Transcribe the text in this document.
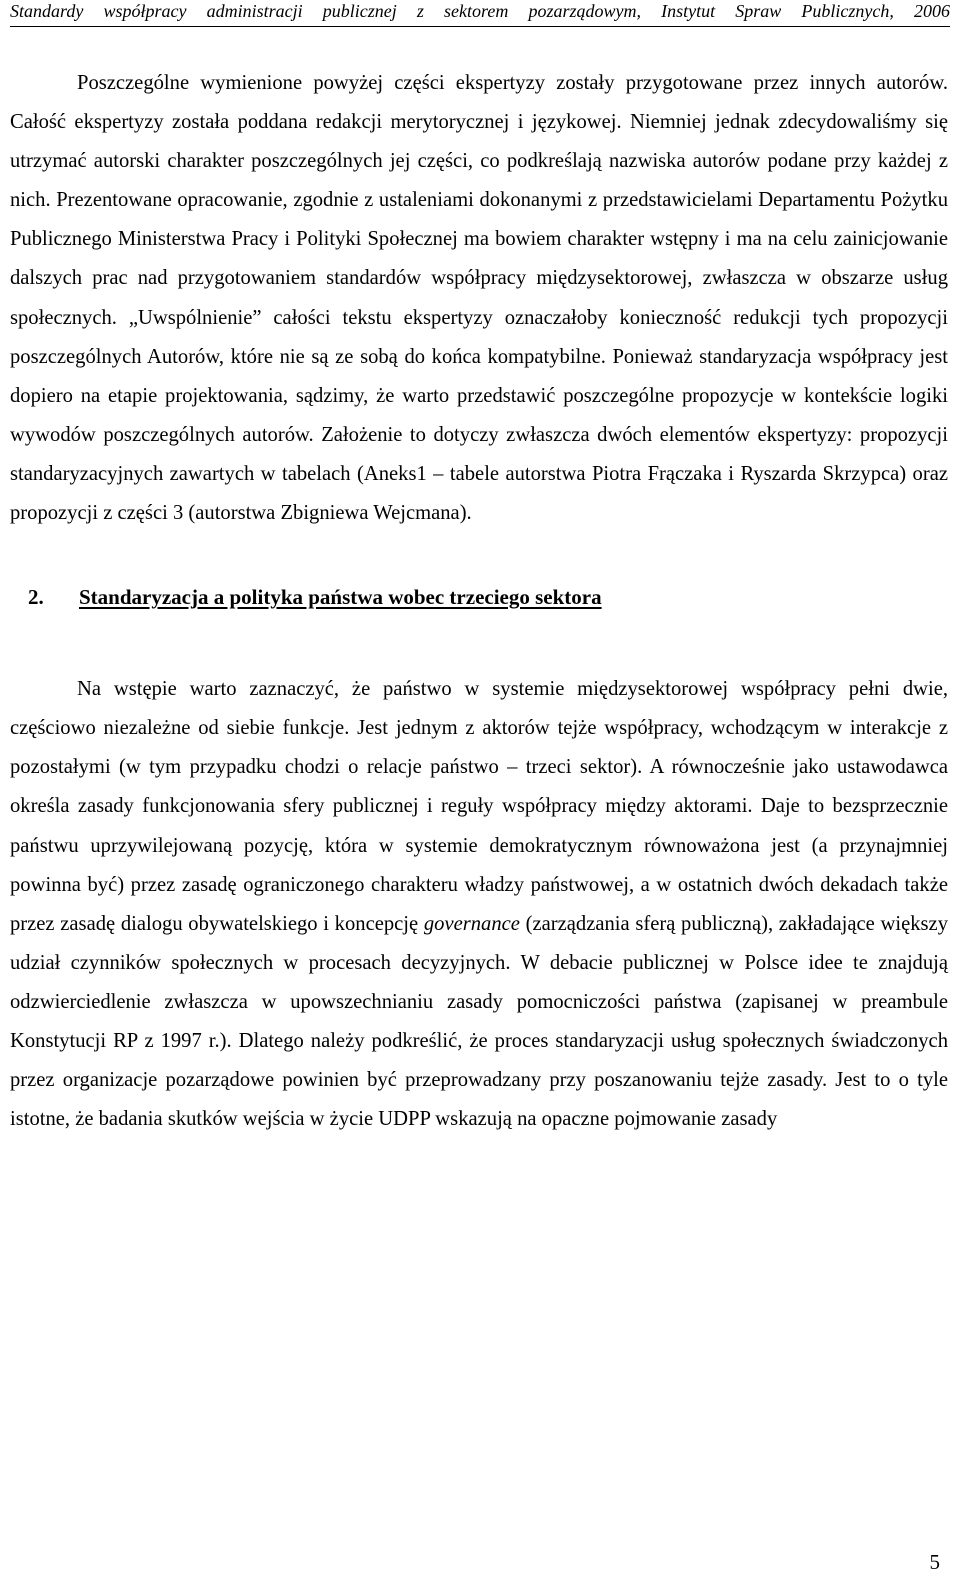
Standardy współpracy administracji publicznej z sektorem pozarządowym, Instytut Spraw Publicznych, 2006

Poszczególne wymienione powyżej części ekspertyzy zostały przygotowane przez innych autorów. Całość ekspertyzy została poddana redakcji merytorycznej i językowej. Niemniej jednak zdecydowaliśmy się utrzymać autorski charakter poszczególnych jej części, co podkreślają nazwiska autorów podane przy każdej z nich. Prezentowane opracowanie, zgodnie z ustaleniami dokonanymi z przedstawicielami Departamentu Pożytku Publicznego Ministerstwa Pracy i Polityki Społecznej ma bowiem charakter wstępny i ma na celu zainicjowanie dalszych prac nad przygotowaniem standardów współpracy międzysektorowej, zwłaszcza w obszarze usług społecznych. „Uwspólnienie” całości tekstu ekspertyzy oznaczałoby konieczność redukcji tych propozycji poszczególnych Autorów, które nie są ze sobą do końca kompatybilne. Ponieważ standaryzacja współpracy jest dopiero na etapie projektowania, sądzimy, że warto przedstawić poszczególne propozycje w kontekście logiki wywodów poszczególnych autorów. Założenie to dotyczy zwłaszcza dwóch elementów ekspertyzy: propozycji standaryzacyjnych zawartych w tabelach (Aneks1 – tabele autorstwa Piotra Frączaka i Ryszarda Skrzypca) oraz propozycji z części 3 (autorstwa Zbigniewa Wejcmana).

2. Standaryzacja a polityka państwa wobec trzeciego sektora

Na wstępie warto zaznaczyć, że państwo w systemie międzysektorowej współpracy pełni dwie, częściowo niezależne od siebie funkcje. Jest jednym z aktorów tejże współpracy, wchodzącym w interakcje z pozostałymi (w tym przypadku chodzi o relacje państwo – trzeci sektor). A równocześnie jako ustawodawca określa zasady funkcjonowania sfery publicznej i reguły współpracy między aktorami. Daje to bezsprzecznie państwu uprzywilejowaną pozycję, która w systemie demokratycznym równoważona jest (a przynajmniej powinna być) przez zasadę ograniczonego charakteru władzy państwowej, a w ostatnich dwóch dekadach także przez zasadę dialogu obywatelskiego i koncepcję governance (zarządzania sferą publiczną), zakładające większy udział czynników społecznych w procesach decyzyjnych. W debacie publicznej w Polsce idee te znajdują odzwierciedlenie zwłaszcza w upowszechnianiu zasady pomocniczości państwa (zapisanej w preambule Konstytucji RP z 1997 r.). Dlatego należy podkreślić, że proces standaryzacji usług społecznych świadczonych przez organizacje pozarządowe powinien być przeprowadzany przy poszanowaniu tejże zasady. Jest to o tyle istotne, że badania skutków wejścia w życie UDPP wskazują na opaczne pojmowanie zasady

5
